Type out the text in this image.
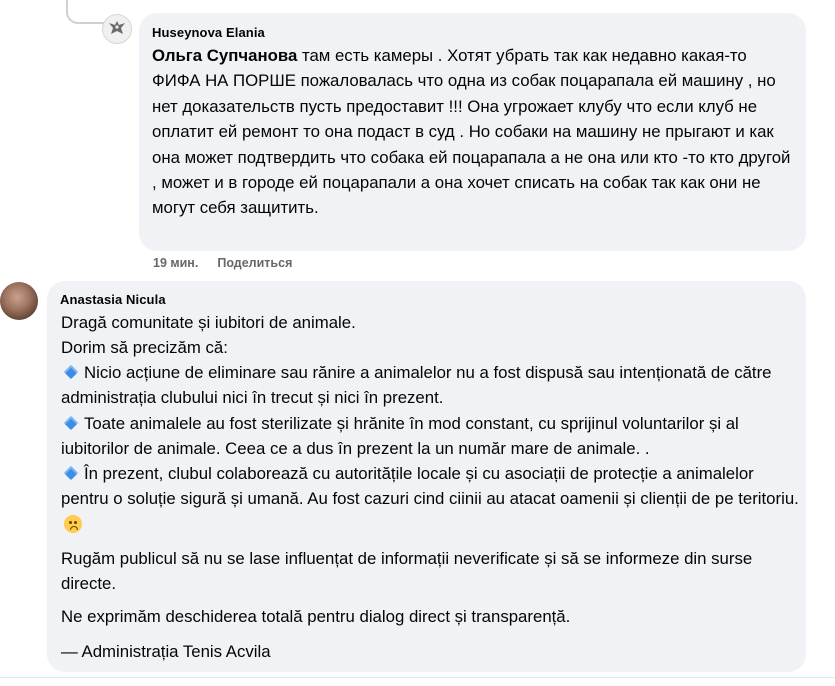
Huseynova Elania
Ольга Супчанова там есть камеры . Хотят убрать так как недавно какая-то ФИФА НА ПОРШЕ пожаловалась что одна из собак поцарапала ей машину , но нет доказательств пусть предоставит !!! Она угрожает клубу что если клуб не оплатит ей ремонт то она подаст в суд . Но собаки на машину не прыгают и как она может подтвердить что собака ей поцарапала а не она или кто -то кто другой , может и в городе ей поцарапали а она хочет списать на собак так как они не могут себя защитить.
19 мин. Поделиться
Anastasia Nicula
Dragă comunitate și iubitori de animale.
Dorim să precizăm că:
Nicio acțiune de eliminare sau rănire a animalelor nu a fost dispusă sau intenționată de către administrația clubului nici în trecut și nici în prezent.
Toate animalele au fost sterilizate și hrănite în mod constant, cu sprijinul voluntarilor și al iubitorilor de animale. Ceea ce a dus în prezent la un număr mare de animale. .
În prezent, clubul colaborează cu autoritățile locale și cu asociații de protecție a animalelor pentru o soluție sigură și umană. Au fost cazuri cind ciinii au atacat oamenii și clienții de pe teritoriu.
Rugăm publicul să nu se lase influențat de informații neverificate și să se informeze din surse directe.
Ne exprimăm deschiderea totală pentru dialog direct și transparență.
— Administrația Tenis Acvila
